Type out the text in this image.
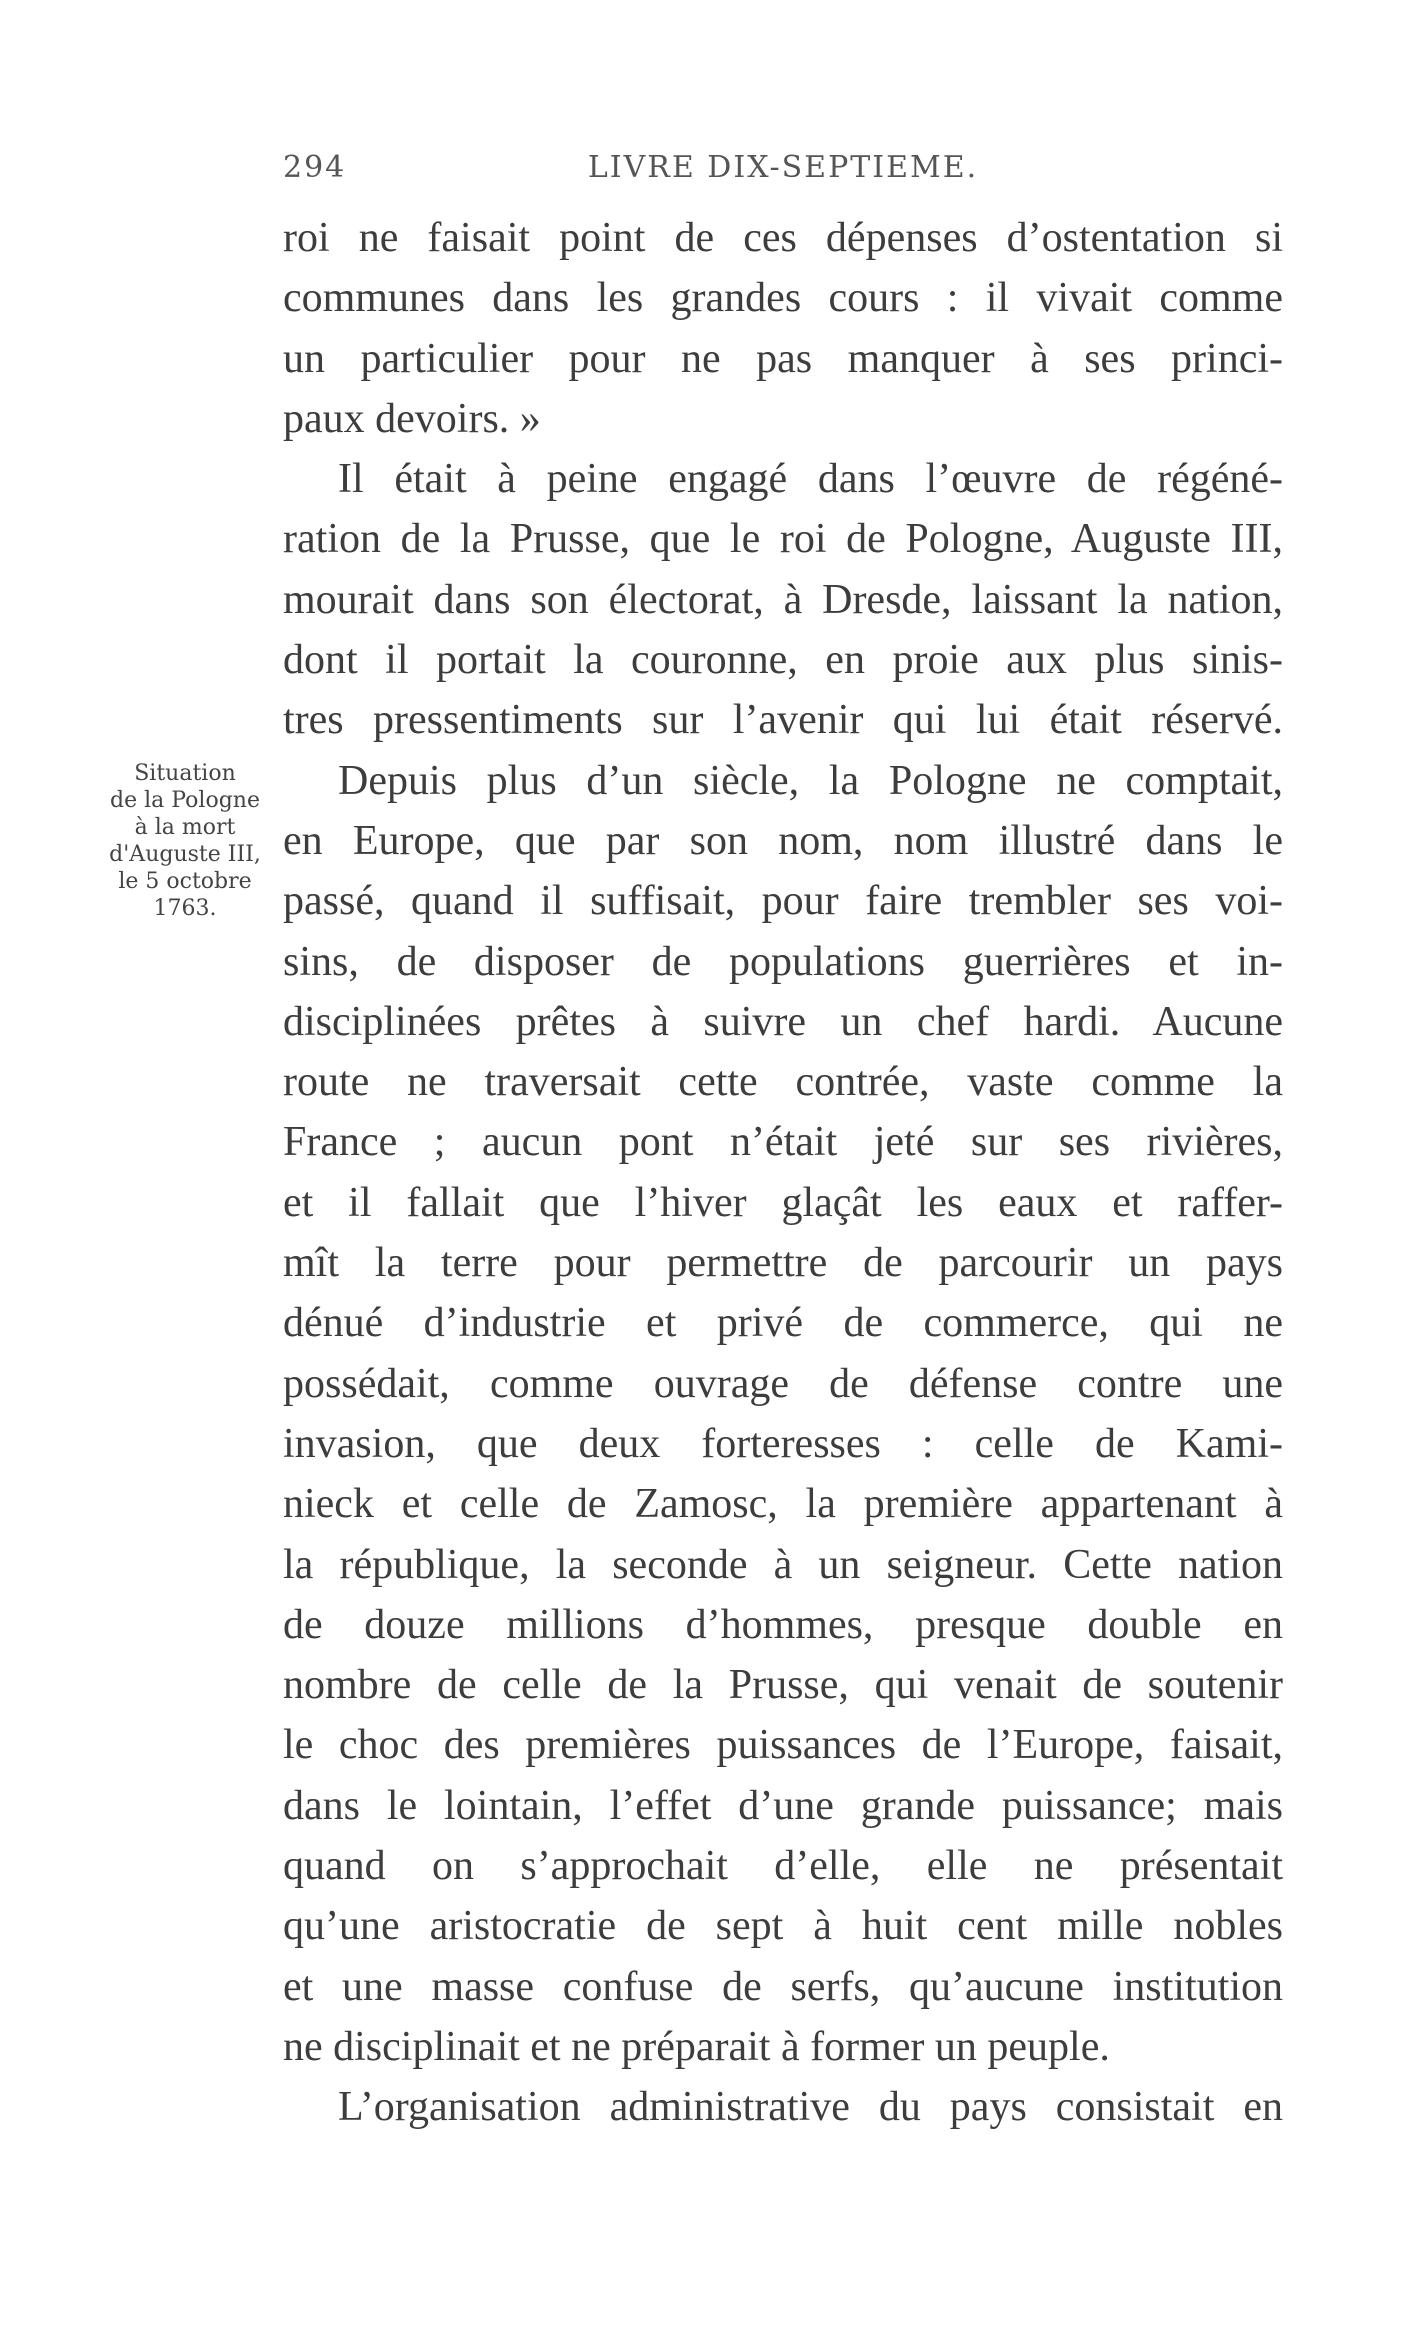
294	LIVRE DIX-SEPTIEME.
Situation
de la Pologne
à la mort
d'Auguste III,
le 5 octobre
1763.
roi ne faisait point de ces dépenses d’ostentation si
communes dans les grandes cours : il vivait comme
un particulier pour ne pas manquer à ses princi-
paux devoirs. »
Il était à peine engagé dans l’œuvre de régéné-
ration de la Prusse, que le roi de Pologne, Auguste III,
mourait dans son électorat, à Dresde, laissant la nation,
dont il portait la couronne, en proie aux plus sinis-
tres pressentiments sur l’avenir qui lui était réservé.
Depuis plus d’un siècle, la Pologne ne comptait,
en Europe, que par son nom, nom illustré dans le
passé, quand il suffisait, pour faire trembler ses voi-
sins, de disposer de populations guerrières et in-
disciplinées prêtes à suivre un chef hardi. Aucune
route ne traversait cette contrée, vaste comme la
France ; aucun pont n’était jeté sur ses rivières,
et il fallait que l’hiver glaçât les eaux et raffer-
mît la terre pour permettre de parcourir un pays
dénué d’industrie et privé de commerce, qui ne
possédait, comme ouvrage de défense contre une
invasion, que deux forteresses : celle de Kami-
nieck et celle de Zamosc, la première appartenant à
la république, la seconde à un seigneur. Cette nation
de douze millions d’hommes, presque double en
nombre de celle de la Prusse, qui venait de soutenir
le choc des premières puissances de l’Europe, faisait,
dans le lointain, l’effet d’une grande puissance; mais
quand on s’approchait d’elle, elle ne présentait
qu’une aristocratie de sept à huit cent mille nobles
et une masse confuse de serfs, qu’aucune institution
ne disciplinait et ne préparait à former un peuple.
L’organisation administrative du pays consistait en
